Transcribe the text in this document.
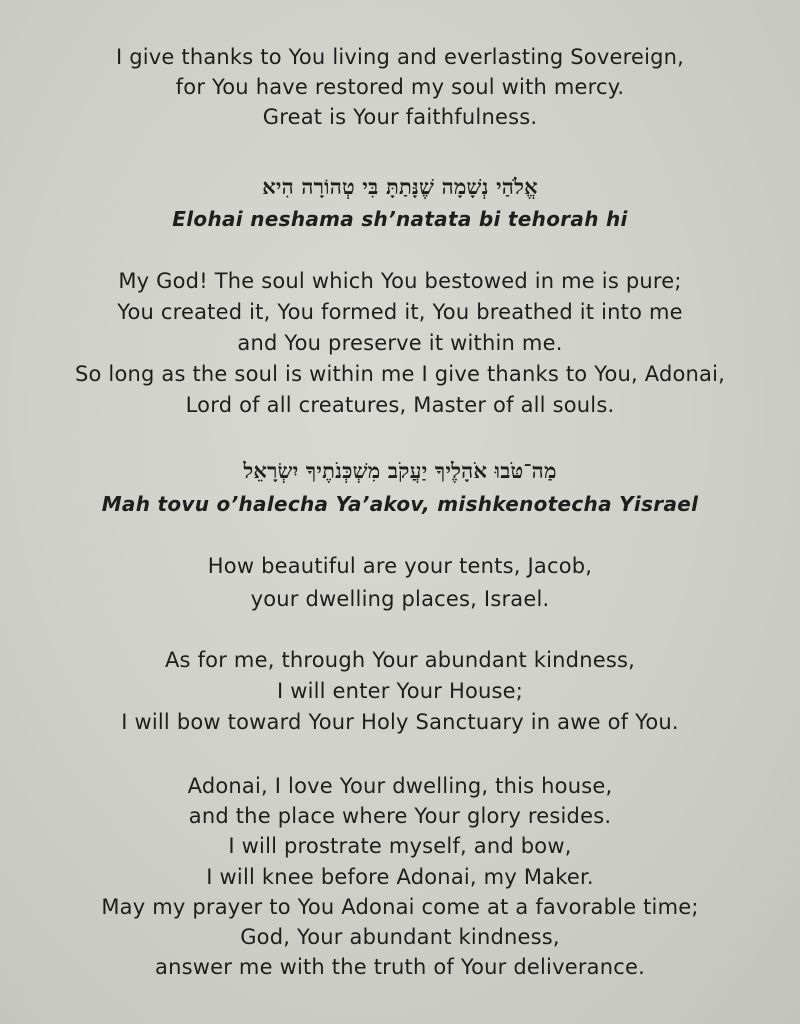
I give thanks to You living and everlasting Sovereign,
for You have restored my soul with mercy.
Great is Your faithfulness.
אֱלֹהַי נְשָׁמָה שֶׁנָּתַתָּ בִּי טְהוֹרָה הִיא
Elohai neshama sh’natata bi tehorah hi
My God! The soul which You bestowed in me is pure;
You created it, You formed it, You breathed it into me
and You preserve it within me.
So long as the soul is within me I give thanks to You, Adonai,
Lord of all creatures, Master of all souls.
מַה־טֹּבוּ אֹהָלֶיךָ יַעֲקֹב מִשְׁכְּנֹתֶיךָ יִשְׂרָאֵל
Mah tovu o’halecha Ya’akov, mishkenotecha Yisrael
How beautiful are your tents, Jacob,
your dwelling places, Israel.
As for me, through Your abundant kindness,
I will enter Your House;
I will bow toward Your Holy Sanctuary in awe of You.
Adonai, I love Your dwelling, this house,
and the place where Your glory resides.
I will prostrate myself, and bow,
I will knee before Adonai, my Maker.
May my prayer to You Adonai come at a favorable time;
God, Your abundant kindness,
answer me with the truth of Your deliverance.
